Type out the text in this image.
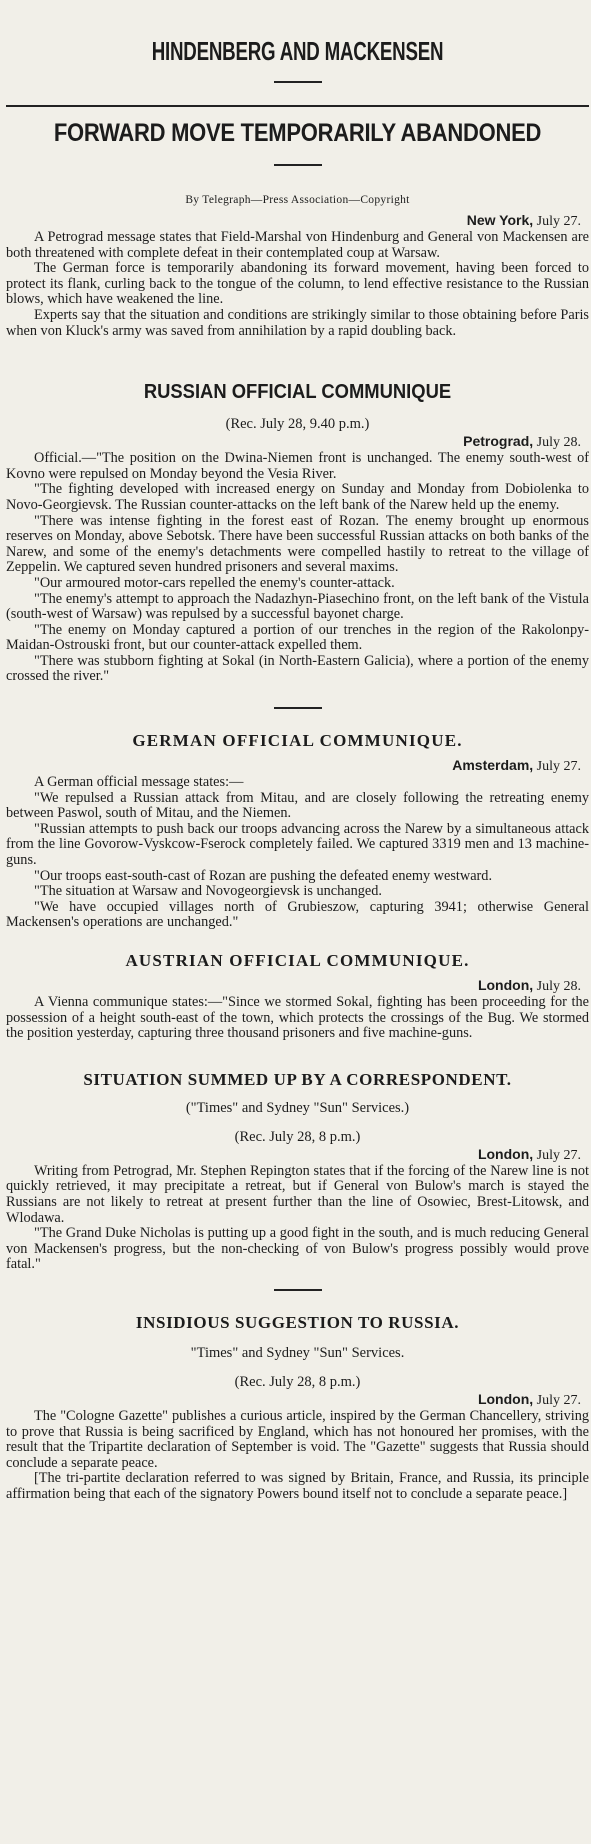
HINDENBERG AND MACKENSEN
FORWARD MOVE TEMPORARILY ABANDONED
By Telegraph—Press Association—Copyright
New York, July 27.

A Petrograd message states that Field-Marshal von Hindenburg and General von Mackensen are both threatened with complete defeat in their contemplated coup at Warsaw.

The German force is temporarily abandoning its forward movement, having been forced to protect its flank, curling back to the tongue of the column, to lend effective resistance to the Russian blows, which have weakened the line.

Experts say that the situation and conditions are strikingly similar to those obtaining before Paris when von Kluck's army was saved from annihilation by a rapid doubling back.

RUSSIAN OFFICIAL COMMUNIQUE
(Rec. July 28, 9.40 p.m.)
Petrograd, July 28.

Official.—"The position on the Dwina-Niemen front is unchanged. The enemy south-west of Kovno were repulsed on Monday beyond the Vesia River.

"The fighting developed with increased energy on Sunday and Monday from Dobiolenka to Novo-Georgievsk. The Russian counter-attacks on the left bank of the Narew held up the enemy.

"There was intense fighting in the forest east of Rozan. The enemy brought up enormous reserves on Monday, above Sebotsk. There have been successful Russian attacks on both banks of the Narew, and some of the enemy's detachments were compelled hastily to retreat to the village of Zeppelin. We captured seven hundred prisoners and several maxims.

"Our armoured motor-cars repelled the enemy's counter-attack.

"The enemy's attempt to approach the Nadazhyn-Piasechino front, on the left bank of the Vistula (south-west of Warsaw) was repulsed by a successful bayonet charge.

"The enemy on Monday captured a portion of our trenches in the region of the Rakolonpy-Maidan-Ostrouski front, but our counter-attack expelled them.

"There was stubborn fighting at Sokal (in North-Eastern Galicia), where a portion of the enemy crossed the river."

GERMAN OFFICIAL COMMUNIQUE.
Amsterdam, July 27.

A German official message states:—

"We repulsed a Russian attack from Mitau, and are closely following the retreating enemy between Paswol, south of Mitau, and the Niemen.

"Russian attempts to push back our troops advancing across the Narew by a simultaneous attack from the line Govorow-Vyskcow-Fserock completely failed. We captured 3319 men and 13 machine-guns.

"Our troops east-south-cast of Rozan are pushing the defeated enemy westward.

"The situation at Warsaw and Novogeorgievsk is unchanged.

"We have occupied villages north of Grubieszow, capturing 3941; otherwise General Mackensen's operations are unchanged."

AUSTRIAN OFFICIAL COMMUNIQUE.
London, July 28.

A Vienna communique states:—"Since we stormed Sokal, fighting has been proceeding for the possession of a height south-east of the town, which protects the crossings of the Bug. We stormed the position yesterday, capturing three thousand prisoners and five machine-guns.

SITUATION SUMMED UP BY A CORRESPONDENT.
("Times" and Sydney "Sun" Services.)
(Rec. July 28, 8 p.m.)
London, July 27.

Writing from Petrograd, Mr. Stephen Repington states that if the forcing of the Narew line is not quickly retrieved, it may precipitate a retreat, but if General von Bulow's march is stayed the Russians are not likely to retreat at present further than the line of Osowiec, Brest-Litowsk, and Wlodawa.

"The Grand Duke Nicholas is putting up a good fight in the south, and is much reducing General von Mackensen's progress, but the non-checking of von Bulow's progress possibly would prove fatal."

INSIDIOUS SUGGESTION TO RUSSIA.
"Times" and Sydney "Sun" Services.
(Rec. July 28, 8 p.m.)
London, July 27.

The "Cologne Gazette" publishes a curious article, inspired by the German Chancellery, striving to prove that Russia is being sacrificed by England, which has not honoured her promises, with the result that the Tripartite declaration of September is void. The "Gazette" suggests that Russia should conclude a separate peace.

[The tri-partite declaration referred to was signed by Britain, France, and Russia, its principle affirmation being that each of the signatory Powers bound itself not to conclude a separate peace.]
